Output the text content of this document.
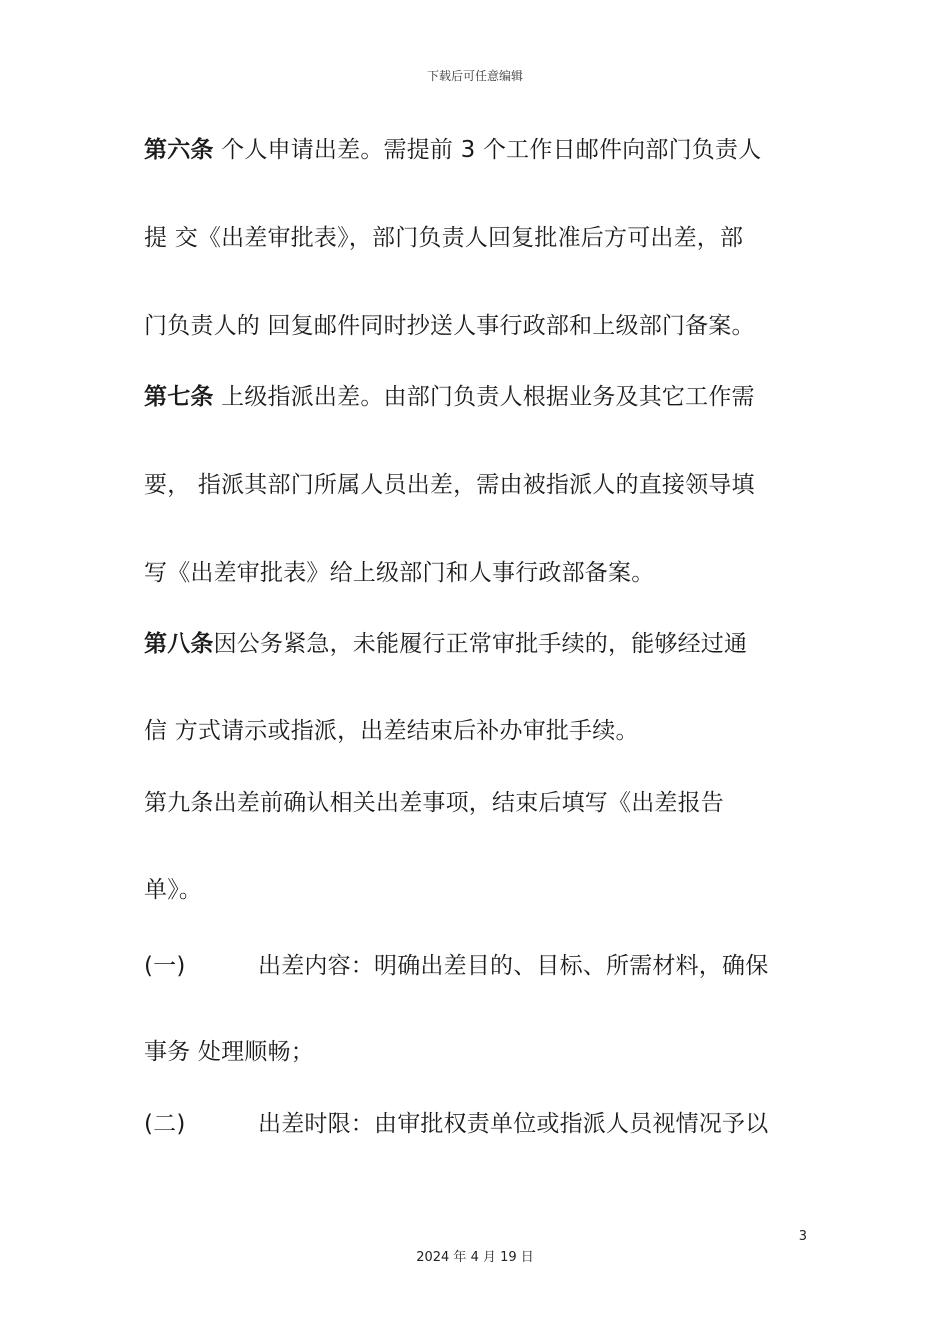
下载后可任意编辑
第六条 个人申请出差。需提前 3 个工作日邮件向部门负责人
提 交《出差审批表》，部门负责人回复批准后方可出差，部
门负责人的 回复邮件同时抄送人事行政部和上级部门备案。
第七条 上级指派出差。由部门负责人根据业务及其它工作需
要， 指派其部门所属人员出差，需由被指派人的直接领导填
写《出差审批表》给上级部门和人事行政部备案。
第八条因公务紧急，未能履行正常审批手续的，能够经过通
信 方式请示或指派，出差结束后补办审批手续。
第九条出差前确认相关出差事项，结束后填写《出差报告
单》。
(一)	出差内容：明确出差目的、目标、所需材料，确保
事务 处理顺畅；
(二)	出差时限：由审批权责单位或指派人员视情况予以
3
2024 年 4 月 19 日
